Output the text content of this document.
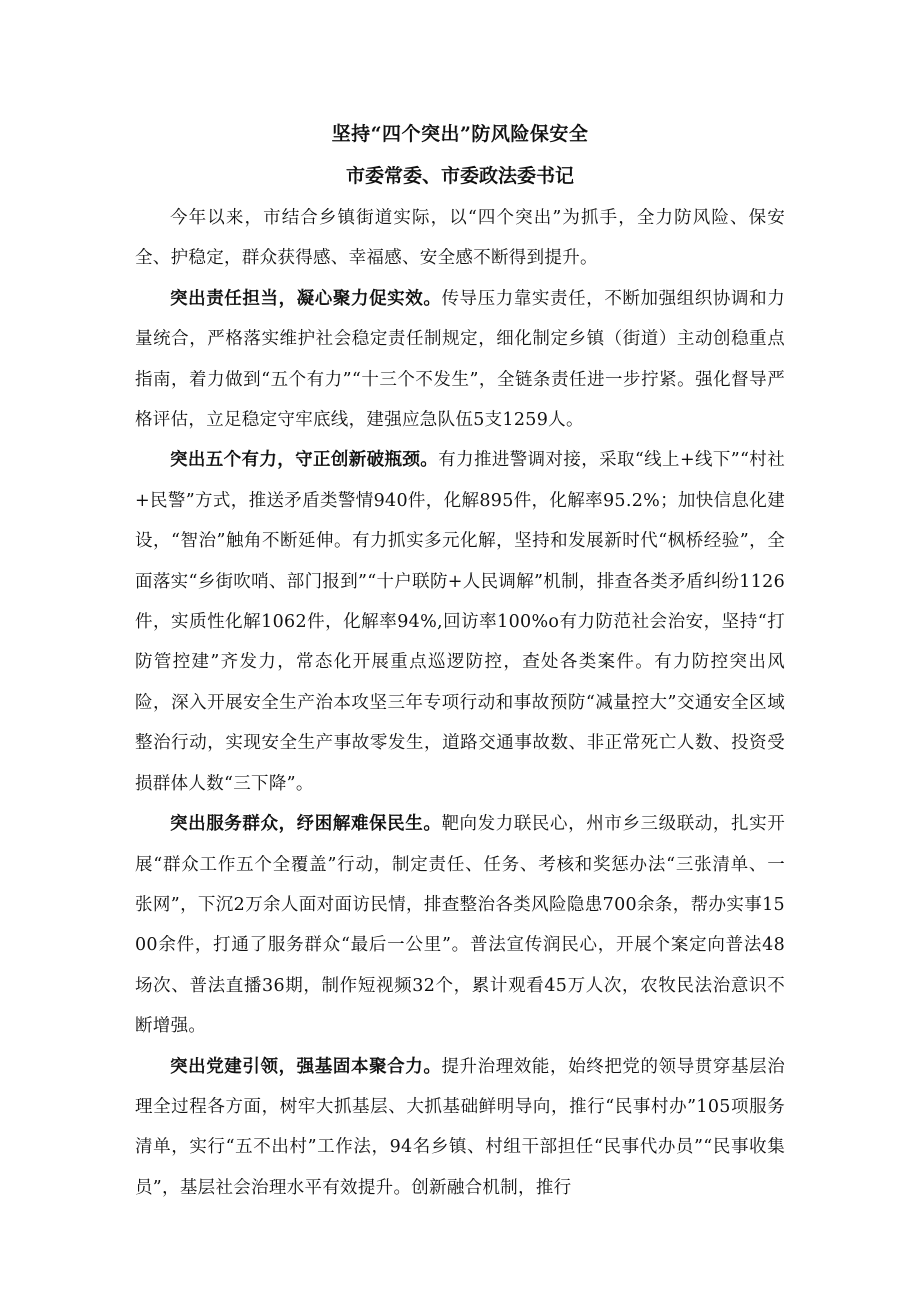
坚持“四个突出”防风险保安全
市委常委、市委政法委书记

今年以来，市结合乡镇街道实际，以“四个突出”为抓手，全力防风险、保安全、护稳定，群众获得感、幸福感、安全感不断得到提升。

突出责任担当，凝心聚力促实效。传导压力靠实责任，不断加强组织协调和力量统合，严格落实维护社会稳定责任制规定，细化制定乡镇（街道）主动创稳重点指南，着力做到“五个有力”“十三个不发生”，全链条责任进一步拧紧。强化督导严格评估，立足稳定守牢底线，建强应急队伍5支1259人。

突出五个有力，守正创新破瓶颈。有力推进警调对接，采取“线上+线下”“村社+民警”方式，推送矛盾类警情940件，化解895件，化解率95.2%；加快信息化建设，“智治”触角不断延伸。有力抓实多元化解，坚持和发展新时代“枫桥经验”，全面落实“乡街吹哨、部门报到”“十户联防+人民调解”机制，排查各类矛盾纠纷1126件，实质性化解1062件，化解率94%,回访率100%o有力防范社会治安，坚持“打防管控建”齐发力，常态化开展重点巡逻防控，查处各类案件。有力防控突出风险，深入开展安全生产治本攻坚三年专项行动和事故预防“减量控大”交通安全区域整治行动，实现安全生产事故零发生，道路交通事故数、非正常死亡人数、投资受损群体人数“三下降”。

突出服务群众，纾困解难保民生。靶向发力联民心，州市乡三级联动，扎实开展“群众工作五个全覆盖”行动，制定责任、任务、考核和奖惩办法“三张清单、一张网”，下沉2万余人面对面访民情，排查整治各类风险隐患700余条，帮办实事1500余件，打通了服务群众“最后一公里”。普法宣传润民心，开展个案定向普法48场次、普法直播36期，制作短视频32个，累计观看45万人次，农牧民法治意识不断增强。

突出党建引领，强基固本聚合力。提升治理效能，始终把党的领导贯穿基层治理全过程各方面，树牢大抓基层、大抓基础鲜明导向，推行“民事村办”105项服务清单，实行“五不出村”工作法，94名乡镇、村组干部担任“民事代办员”“民事收集员”，基层社会治理水平有效提升。创新融合机制，推行
